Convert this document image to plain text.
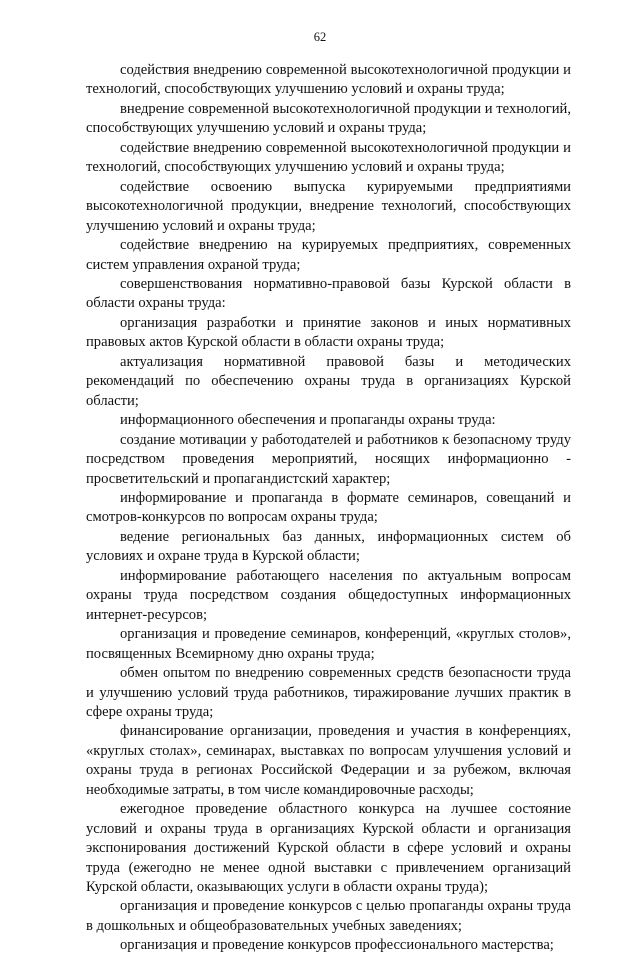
62

содействия внедрению современной высокотехнологичной продукции и технологий, способствующих улучшению условий и охраны труда;

внедрение современной высокотехнологичной продукции и технологий, способствующих улучшению условий и охраны труда;

содействие внедрению современной высокотехнологичной продукции и технологий, способствующих улучшению условий и охраны труда;

содействие освоению выпуска курируемыми предприятиями высокотехнологичной продукции, внедрение технологий, способствующих улучшению условий и охраны труда;

содействие внедрению на курируемых предприятиях, современных систем управления охраной труда;

совершенствования нормативно-правовой базы Курской области в области охраны труда:

организация разработки и принятие законов и иных нормативных правовых актов Курской области в области охраны труда;

актуализация нормативной правовой базы и методических рекомендаций по обеспечению охраны труда в организациях Курской области;

информационного обеспечения и пропаганды охраны труда:

создание мотивации у работодателей и работников к безопасному труду посредством проведения мероприятий, носящих информационно - просветительский и пропагандистский характер;

информирование и пропаганда в формате семинаров, совещаний и смотров-конкурсов по вопросам охраны труда;

ведение региональных баз данных, информационных систем об условиях и охране труда в Курской области;

информирование работающего населения по актуальным вопросам охраны труда посредством создания общедоступных информационных интернет-ресурсов;

организация и проведение семинаров, конференций, «круглых столов», посвященных Всемирному дню охраны труда;

обмен опытом по внедрению современных средств безопасности труда и улучшению условий труда работников, тиражирование лучших практик в сфере охраны труда;

финансирование организации, проведения и участия в конференциях, «круглых столах», семинарах, выставках по вопросам улучшения условий и охраны труда в регионах Российской Федерации и за рубежом, включая необходимые затраты, в том числе командировочные расходы;

ежегодное проведение областного конкурса на лучшее состояние условий и охраны труда в организациях Курской области и организация экспонирования достижений Курской области в сфере условий и охраны труда (ежегодно не менее одной выставки с привлечением организаций Курской области, оказывающих услуги в области охраны труда);

организация и проведение конкурсов с целью пропаганды охраны труда в дошкольных и общеобразовательных учебных заведениях;

организация и проведение конкурсов профессионального мастерства;
